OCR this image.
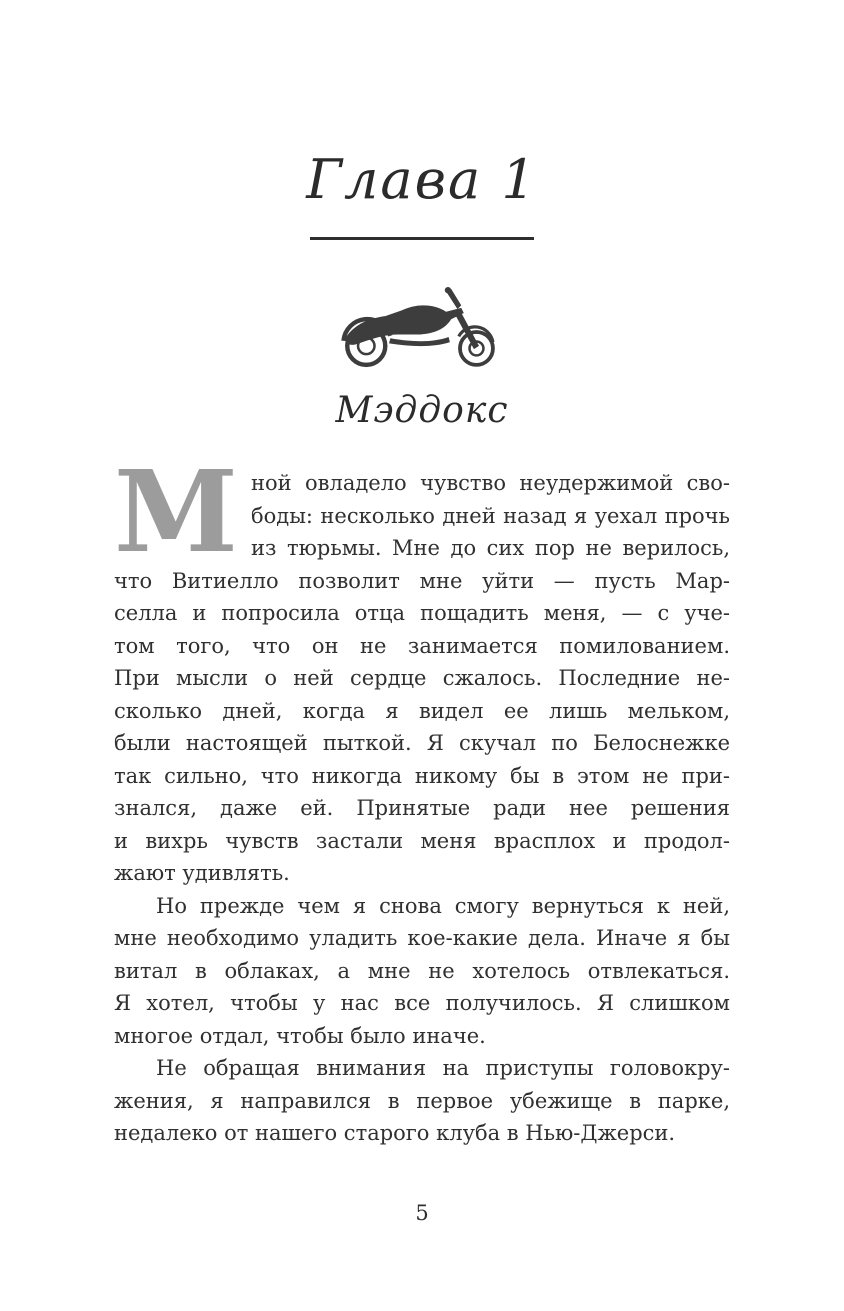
Глава 1
Мэддокс
М ной овладело чувство неудержимой сво-
боды: несколько дней назад я уехал прочь
из тюрьмы. Мне до сих пор не верилось,
что Витиелло позволит мне уйти — пусть Мар-
селла и попросила отца пощадить меня, — с уче-
том того, что он не занимается помилованием.
При мысли о ней сердце сжалось. Последние не-
сколько дней, когда я видел ее лишь мельком,
были настоящей пыткой. Я скучал по Белоснежке
так сильно, что никогда никому бы в этом не при-
знался, даже ей. Принятые ради нее решения
и вихрь чувств застали меня врасплох и продол-
жают удивлять.
Но прежде чем я снова смогу вернуться к ней,
мне необходимо уладить кое-какие дела. Иначе я бы
витал в облаках, а мне не хотелось отвлекаться.
Я хотел, чтобы у нас все получилось. Я слишком
многое отдал, чтобы было иначе.
Не обращая внимания на приступы головокру-
жения, я направился в первое убежище в парке,
недалеко от нашего старого клуба в Нью-Джерси.
5
